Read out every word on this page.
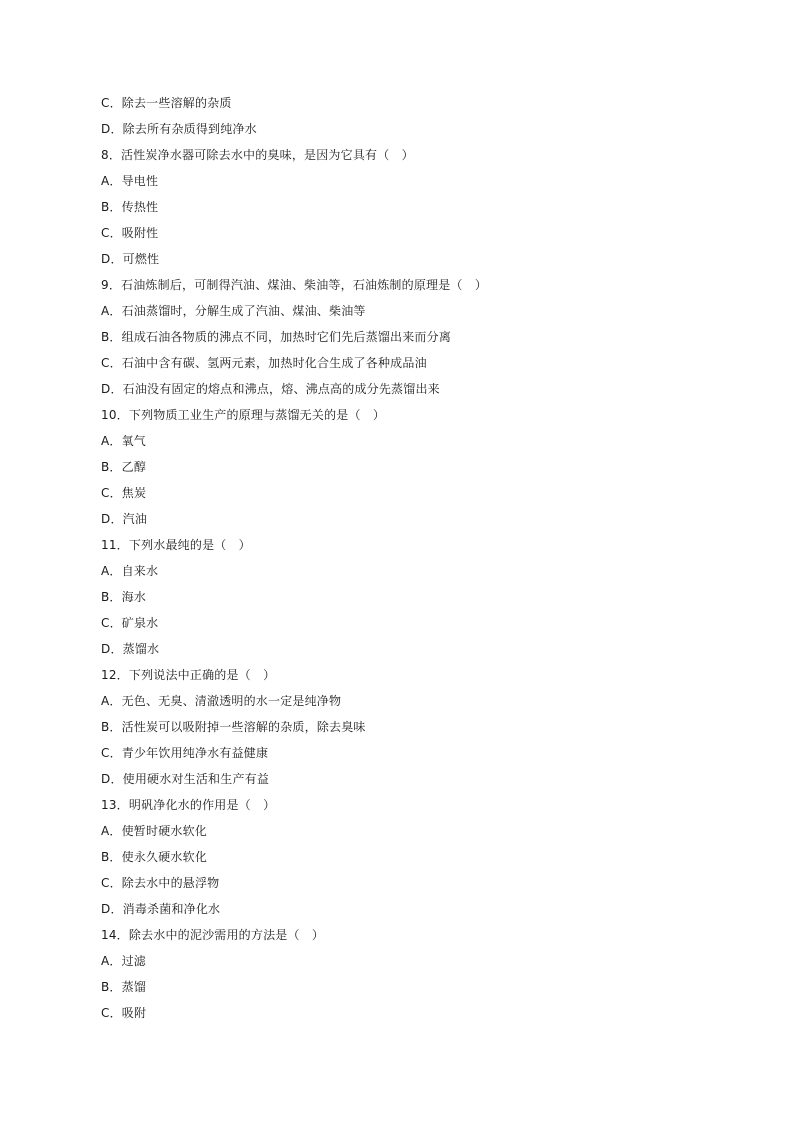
C．除去一些溶解的杂质
D．除去所有杂质得到纯净水
8．活性炭净水器可除去水中的臭味，是因为它具有（　）
A．导电性
B．传热性
C．吸附性
D．可燃性
9．石油炼制后，可制得汽油、煤油、柴油等，石油炼制的原理是（　）
A．石油蒸馏时，分解生成了汽油、煤油、柴油等
B．组成石油各物质的沸点不同，加热时它们先后蒸馏出来而分离
C．石油中含有碳、氢两元素，加热时化合生成了各种成品油
D．石油没有固定的熔点和沸点，熔、沸点高的成分先蒸馏出来
10．下列物质工业生产的原理与蒸馏无关的是（　）
A．氧气
B．乙醇
C．焦炭
D．汽油
11．下列水最纯的是（　）
A．自来水
B．海水
C．矿泉水
D．蒸馏水
12．下列说法中正确的是（　）
A．无色、无臭、清澈透明的水一定是纯净物
B．活性炭可以吸附掉一些溶解的杂质，除去臭味
C．青少年饮用纯净水有益健康
D．使用硬水对生活和生产有益
13．明矾净化水的作用是（　）
A．使暂时硬水软化
B．使永久硬水软化
C．除去水中的悬浮物
D．消毒杀菌和净化水
14．除去水中的泥沙需用的方法是（　）
A．过滤
B．蒸馏
C．吸附
